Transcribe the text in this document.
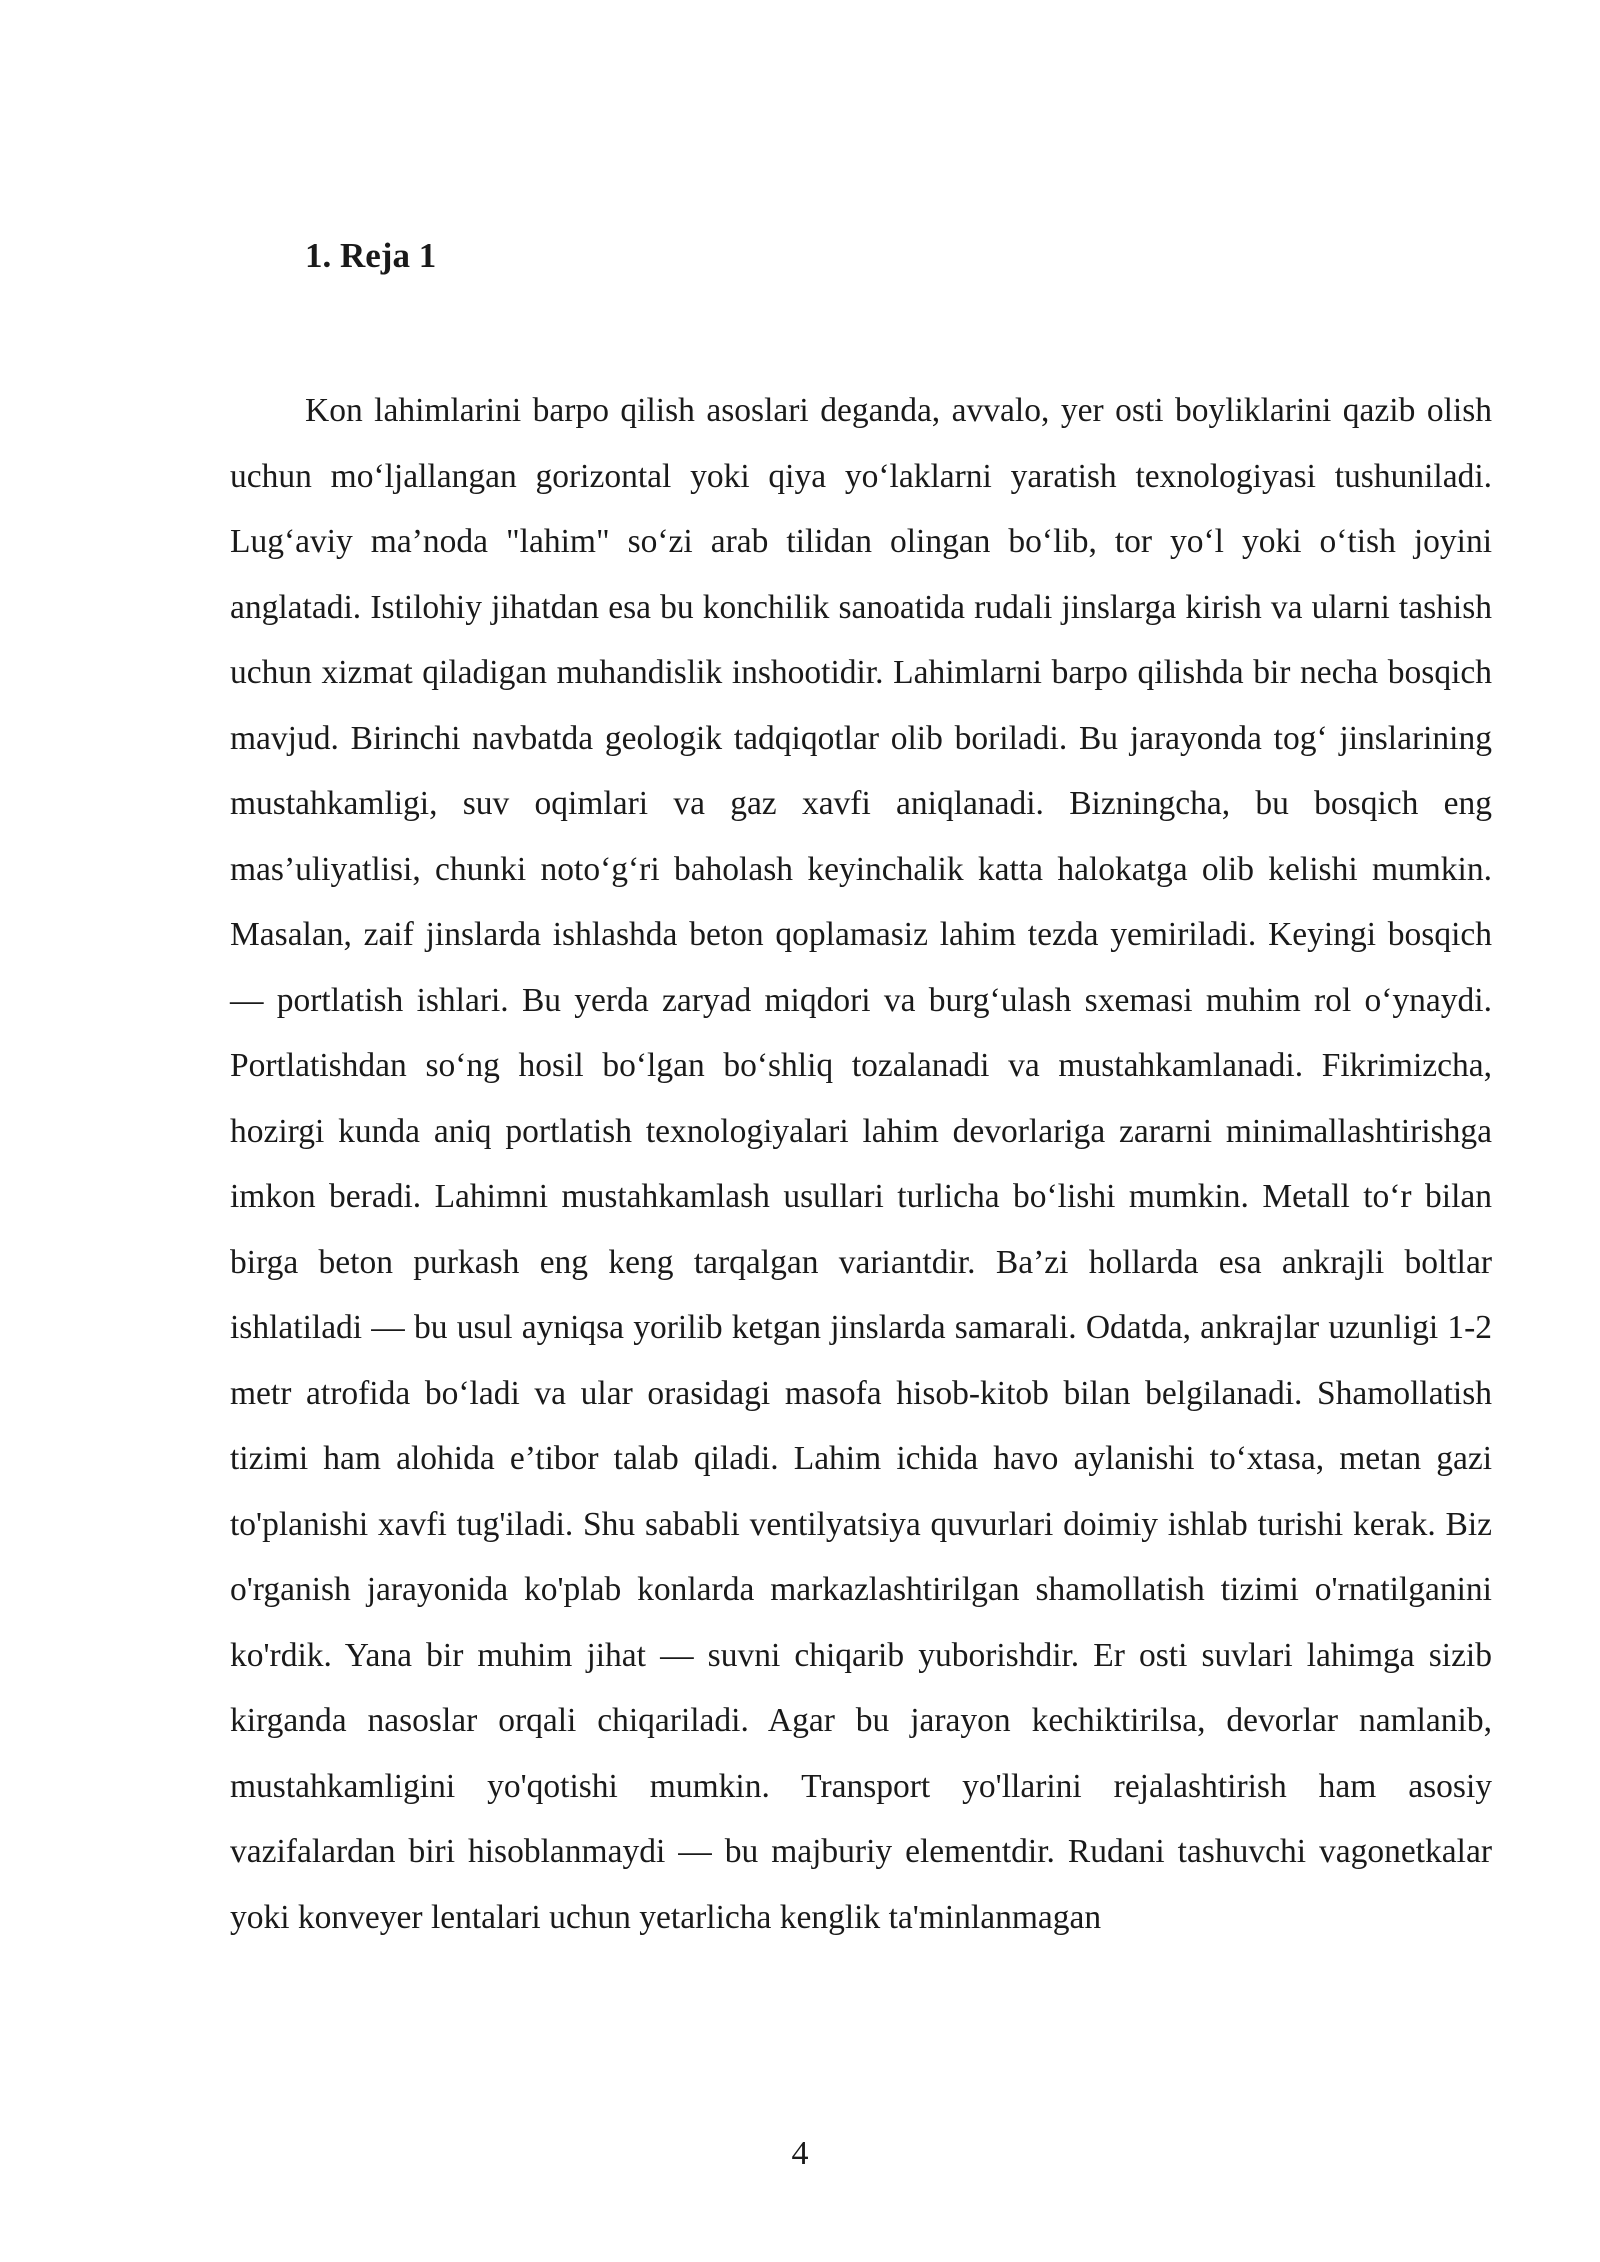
1. Reja 1

Kon lahimlarini barpo qilish asoslari deganda, avvalo, yer osti boyliklarini qazib olish uchun mo‘ljallangan gorizontal yoki qiya yo‘laklarni yaratish texnologiyasi tushuniladi. Lug‘aviy ma’noda "lahim" so‘zi arab tilidan olingan bo‘lib, tor yo‘l yoki o‘tish joyini anglatadi. Istilohiy jihatdan esa bu konchilik sanoatida rudali jinslarga kirish va ularni tashish uchun xizmat qiladigan muhandislik inshootidir. Lahimlarni barpo qilishda bir necha bosqich mavjud. Birinchi navbatda geologik tadqiqotlar olib boriladi. Bu jarayonda tog‘ jinslarining mustahkamligi, suv oqimlari va gaz xavfi aniqlanadi. Bizningcha, bu bosqich eng mas’uliyatlisi, chunki noto‘g‘ri baholash keyinchalik katta halokatga olib kelishi mumkin. Masalan, zaif jinslarda ishlashda beton qoplamasiz lahim tezda yemiriladi. Keyingi bosqich — portlatish ishlari. Bu yerda zaryad miqdori va burg‘ulash sxemasi muhim rol o‘ynaydi. Portlatishdan so‘ng hosil bo‘lgan bo‘shliq tozalanadi va mustahkamlanadi. Fikrimizcha, hozirgi kunda aniq portlatish texnologiyalari lahim devorlariga zararni minimallashtirishga imkon beradi. Lahimni mustahkamlash usullari turlicha bo‘lishi mumkin. Metall to‘r bilan birga beton purkash eng keng tarqalgan variantdir. Ba’zi hollarda esa ankrajli boltlar ishlatiladi — bu usul ayniqsa yorilib ketgan jinslarda samarali. Odatda, ankrajlar uzunligi 1-2 metr atrofida bo‘ladi va ular orasidagi masofa hisob-kitob bilan belgilanadi. Shamollatish tizimi ham alohida e’tibor talab qiladi. Lahim ichida havo aylanishi to‘xtasa, metan gazi to'planishi xavfi tug'iladi. Shu sababli ventilyatsiya quvurlari doimiy ishlab turishi kerak. Biz o'rganish jarayonida ko'plab konlarda markazlashtirilgan shamollatish tizimi o'rnatilganini ko'rdik. Yana bir muhim jihat — suvni chiqarib yuborishdir. Er osti suvlari lahimga sizib kirganda nasoslar orqali chiqariladi. Agar bu jarayon kechiktirilsa, devorlar namlanib, mustahkamligini yo'qotishi mumkin. Transport yo'llarini rejalashtirish ham asosiy vazifalardan biri hisoblanmaydi — bu majburiy elementdir. Rudani tashuvchi vagonetkalar yoki konveyer lentalari uchun yetarlicha kenglik ta'minlanmagan

4
